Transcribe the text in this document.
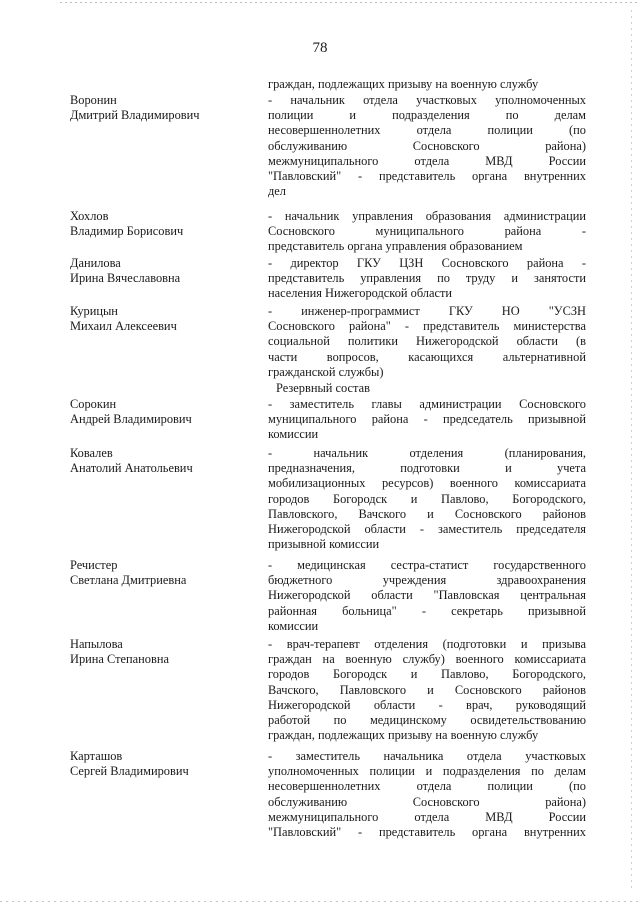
78
граждан, подлежащих призыву на военную службу
Воронин
Дмитрий Владимирович
- начальник отдела участковых уполномоченных
полиции и подразделения по делам
несовершеннолетних отдела полиции (по
обслуживанию Сосновского района)
межмуниципального отдела МВД России
"Павловский" - представитель органа внутренних
дел
Хохлов
Владимир Борисович
- начальник управления образования администрации
Сосновского муниципального района -
представитель органа управления образованием
Данилова
Ирина Вячеславовна
- директор ГКУ ЦЗН Сосновского района -
представитель управления по труду и занятости
населения Нижегородской области
Курицын
Михаил Алексеевич
- инженер-программист ГКУ НО "УСЗН
Сосновского района" - представитель министерства
социальной политики Нижегородской области (в
части вопросов, касающихся альтернативной
гражданской службы)
Резервный состав
Сорокин
Андрей Владимирович
- заместитель главы администрации Сосновского
муниципального района - председатель призывной
комиссии
Ковалев
Анатолий Анатольевич
- начальник отделения (планирования,
предназначения, подготовки и учета
мобилизационных ресурсов) военного комиссариата
городов Богородск и Павлово, Богородского,
Павловского, Вачского и Сосновского районов
Нижегородской области - заместитель председателя
призывной комиссии
Речистер
Светлана Дмитриевна
- медицинская сестра-статист государственного
бюджетного учреждения здравоохранения
Нижегородской области "Павловская центральная
районная больница" - секретарь призывной
комиссии
Напылова
Ирина Степановна
- врач-терапевт отделения (подготовки и призыва
граждан на военную службу) военного комиссариата
городов Богородск и Павлово, Богородского,
Вачского, Павловского и Сосновского районов
Нижегородской области - врач, руководящий
работой по медицинскому освидетельствованию
граждан, подлежащих призыву на военную службу
Карташов
Сергей Владимирович
- заместитель начальника отдела участковых
уполномоченных полиции и подразделения по делам
несовершеннолетних отдела полиции (по
обслуживанию Сосновского района)
межмуниципального отдела МВД России
"Павловский" - представитель органа внутренних
